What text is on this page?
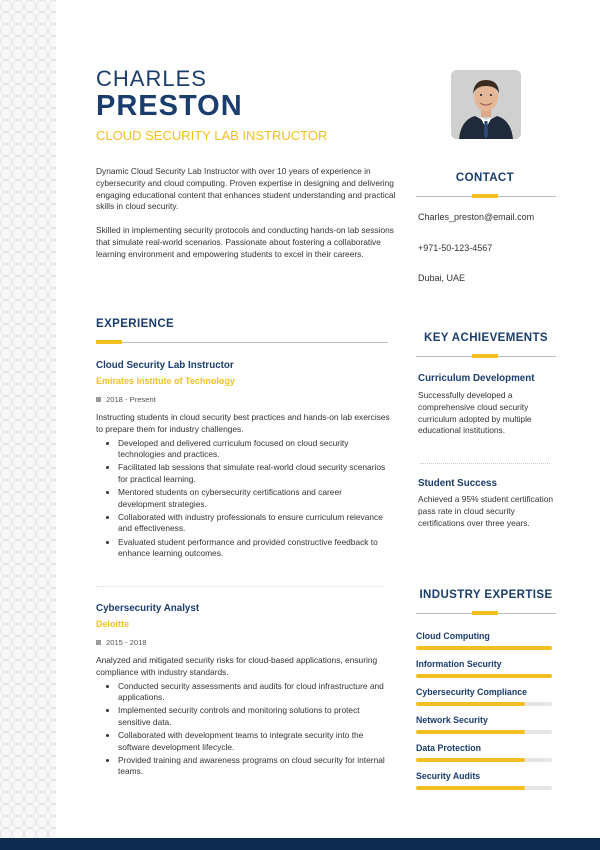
CHARLES
PRESTON
CLOUD SECURITY LAB INSTRUCTOR

Dynamic Cloud Security Lab Instructor with over 10 years of experience in cybersecurity and cloud computing. Proven expertise in designing and delivering engaging educational content that enhances student understanding and practical skills in cloud security.

Skilled in implementing security protocols and conducting hands-on lab sessions that simulate real-world scenarios. Passionate about fostering a collaborative learning environment and empowering students to excel in their careers.

CONTACT
Charles_preston@email.com
+971-50-123-4567
Dubai, UAE
KEY ACHIEVEMENTS
Curriculum Development
Successfully developed a comprehensive cloud security curriculum adopted by multiple educational institutions.
Student Success
Achieved a 95% student certification pass rate in cloud security certifications over three years.
INDUSTRY EXPERTISE
Cloud Computing
Information Security
Cybersecurity Compliance
Network Security
Data Protection
Security Audits
EXPERIENCE
Cloud Security Lab Instructor
Emirates Institute of Technology
2018 - Present
Instructing students in cloud security best practices and hands-on lab exercises to prepare them for industry challenges.
• Developed and delivered curriculum focused on cloud security technologies and practices.
• Facilitated lab sessions that simulate real-world cloud security scenarios for practical learning.
• Mentored students on cybersecurity certifications and career development strategies.
• Collaborated with industry professionals to ensure curriculum relevance and effectiveness.
• Evaluated student performance and provided constructive feedback to enhance learning outcomes.
Cybersecurity Analyst
Deloitte
2015 - 2018
Analyzed and mitigated security risks for cloud-based applications, ensuring compliance with industry standards.
• Conducted security assessments and audits for cloud infrastructure and applications.
• Implemented security controls and monitoring solutions to protect sensitive data.
• Collaborated with development teams to integrate security into the software development lifecycle.
• Provided training and awareness programs on cloud security for internal teams.
